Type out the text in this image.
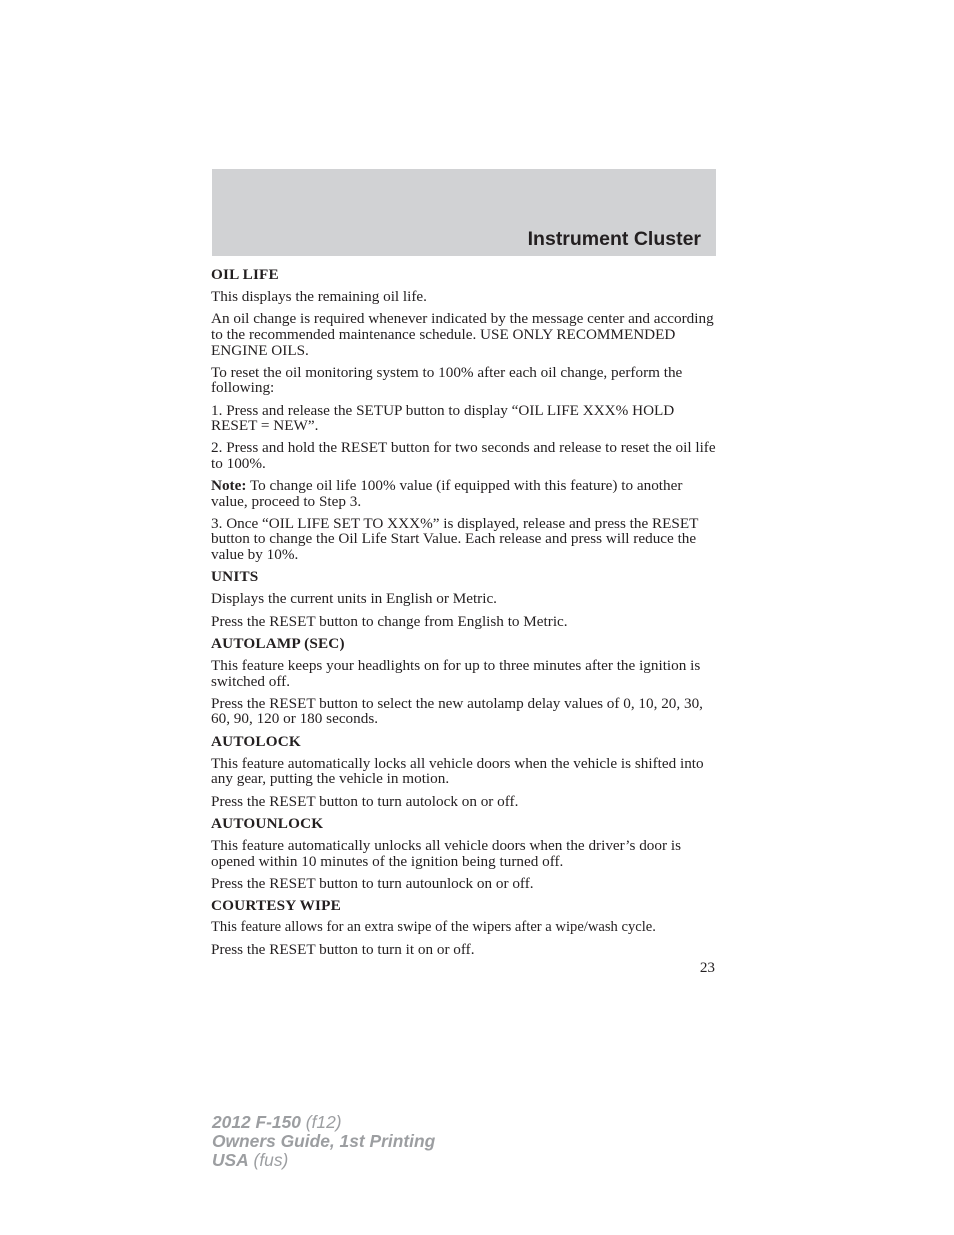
Instrument Cluster
OIL LIFE

This displays the remaining oil life.

An oil change is required whenever indicated by the message center and according to the recommended maintenance schedule. USE ONLY RECOMMENDED ENGINE OILS.

To reset the oil monitoring system to 100% after each oil change, perform the following:

1. Press and release the SETUP button to display “OIL LIFE XXX% HOLD RESET = NEW”.

2. Press and hold the RESET button for two seconds and release to reset the oil life to 100%.

Note: To change oil life 100% value (if equipped with this feature) to another value, proceed to Step 3.

3. Once “OIL LIFE SET TO XXX%” is displayed, release and press the RESET button to change the Oil Life Start Value. Each release and press will reduce the value by 10%.

UNITS

Displays the current units in English or Metric.

Press the RESET button to change from English to Metric.

AUTOLAMP (SEC)

This feature keeps your headlights on for up to three minutes after the ignition is switched off.

Press the RESET button to select the new autolamp delay values of 0, 10, 20, 30, 60, 90, 120 or 180 seconds.

AUTOLOCK

This feature automatically locks all vehicle doors when the vehicle is shifted into any gear, putting the vehicle in motion.

Press the RESET button to turn autolock on or off.

AUTOUNLOCK

This feature automatically unlocks all vehicle doors when the driver’s door is opened within 10 minutes of the ignition being turned off.

Press the RESET button to turn autounlock on or off.

COURTESY WIPE

This feature allows for an extra swipe of the wipers after a wipe/wash cycle.

Press the RESET button to turn it on or off.

23
2012 F-150 (f12)
Owners Guide, 1st Printing
USA (fus)
